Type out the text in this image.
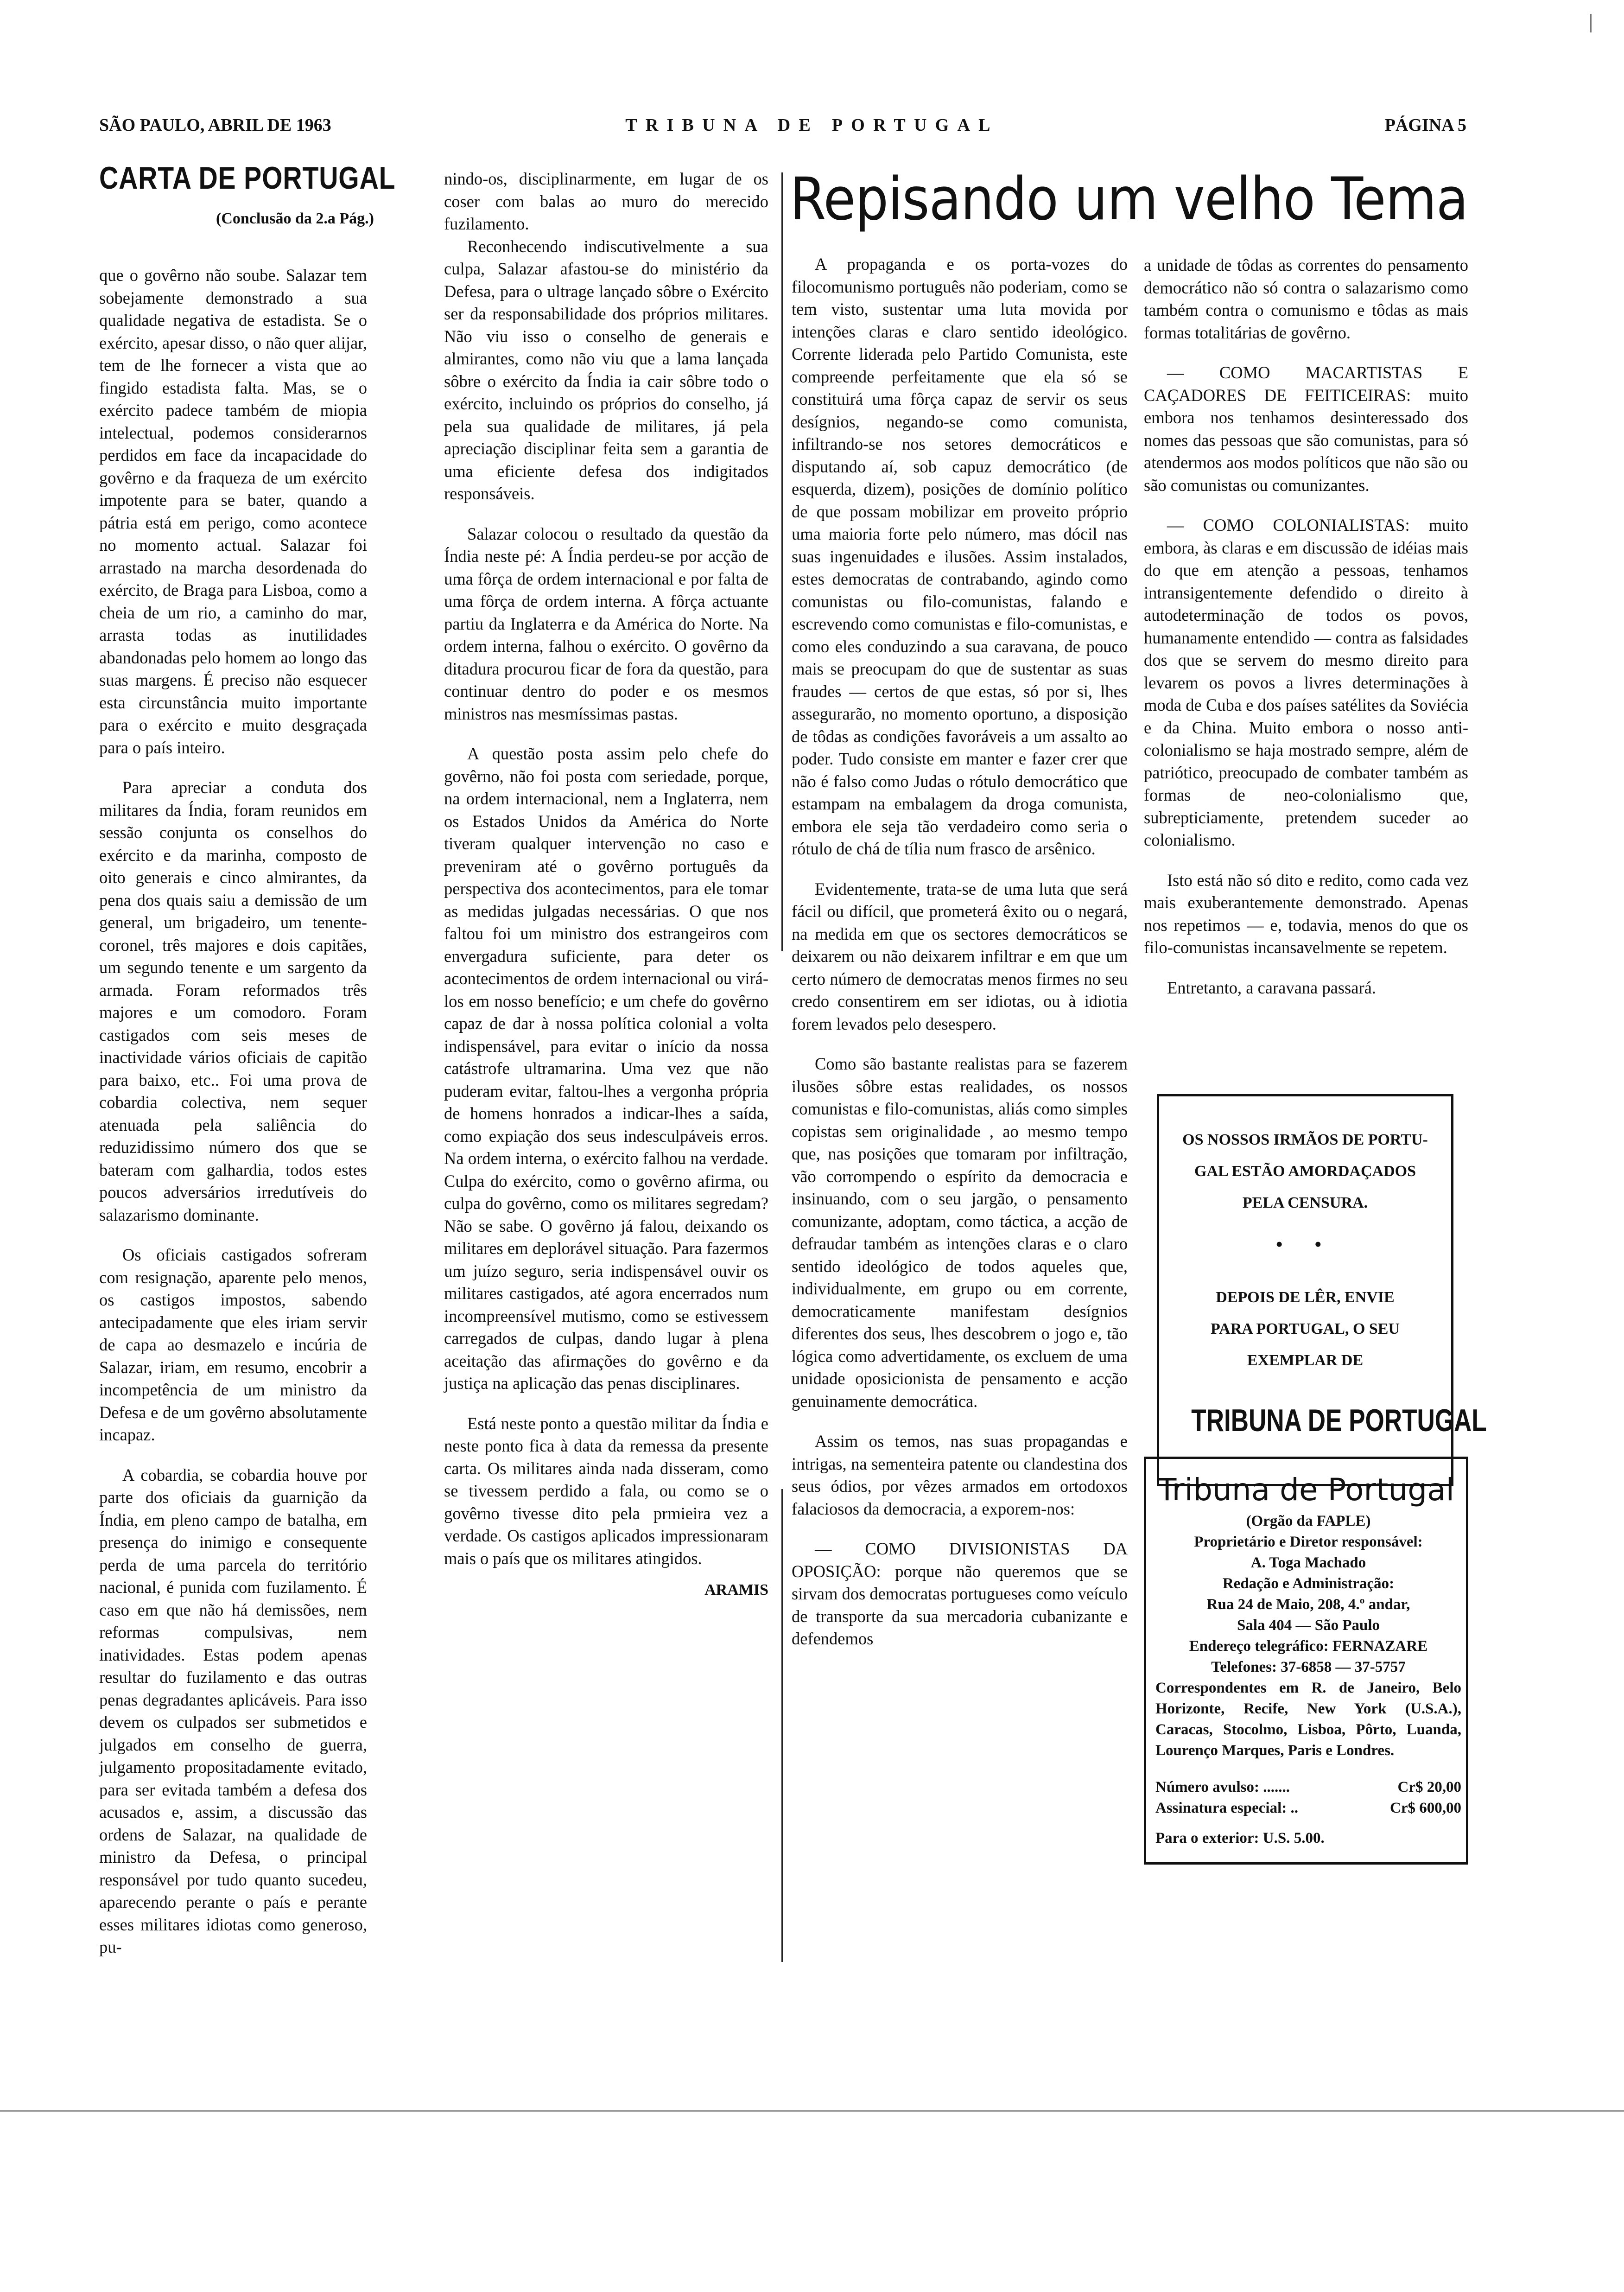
SÃO PAULO, ABRIL DE 1963	TRIBUNA DE PORTUGAL	PÁGINA 5
CARTA DE PORTUGAL
(Conclusão da 2.a Pág.)

que o govêrno não soube. Salazar tem sobejamente demonstrado a sua qualidade negativa de estadista. Se o exército, apesar disso, o não quer alijar, tem de lhe fornecer a vista que ao fingido estadista falta. Mas, se o exército padece também de miopia intelectual, podemos considerarnos perdidos em face da incapacidade do govêrno e da fraqueza de um exército impotente para se bater, quando a pátria está em perigo, como acontece no momento actual. Salazar foi arrastado na marcha desordenada do exército, de Braga para Lisboa, como a cheia de um rio, a caminho do mar, arrasta todas as inutilidades abandonadas pelo homem ao longo das suas margens. É preciso não esquecer esta circunstância muito importante para o exército e muito desgraçada para o país inteiro.

Para apreciar a conduta dos militares da Índia, foram reunidos em sessão conjunta os conselhos do exército e da marinha, composto de oito generais e cinco almirantes, da pena dos quais saiu a demissão de um general, um brigadeiro, um tenente-coronel, três majores e dois capitães, um segundo tenente e um sargento da armada. Foram reformados três majores e um comodoro. Foram castigados com seis meses de inactividade vários oficiais de capitão para baixo, etc.. Foi uma prova de cobardia colectiva, nem sequer atenuada pela saliência do reduzidissimo número dos que se bateram com galhardia, todos estes poucos adversários irredutíveis do salazarismo dominante.

Os oficiais castigados sofreram com resignação, aparente pelo menos, os castigos impostos, sabendo antecipadamente que eles iriam servir de capa ao desmazelo e incúria de Salazar, iriam, em resumo, encobrir a incompetência de um ministro da Defesa e de um govêrno absolutamente incapaz.

A cobardia, se cobardia houve por parte dos oficiais da guarnição da Índia, em pleno campo de batalha, em presença do inimigo e consequente perda de uma parcela do território nacional, é punida com fuzilamento. É caso em que não há demissões, nem reformas compulsivas, nem inatividades. Estas podem apenas resultar do fuzilamento e das outras penas degradantes aplicáveis. Para isso devem os culpados ser submetidos e julgados em conselho de guerra, julgamento propositadamente evitado, para ser evitada também a defesa dos acusados e, assim, a discussão das ordens de Salazar, na qualidade de ministro da Defesa, o principal responsável por tudo quanto sucedeu, aparecendo perante o país e perante esses militares idiotas como generoso, pu-

nindo-os, disciplinarmente, em lugar de os coser com balas ao muro do merecido fuzilamento.

Reconhecendo indiscutivelmente a sua culpa, Salazar afastou-se do ministério da Defesa, para o ultrage lançado sôbre o Exército ser da responsabilidade dos próprios militares. Não viu isso o conselho de generais e almirantes, como não viu que a lama lançada sôbre o exército da Índia ia cair sôbre todo o exército, incluindo os próprios do conselho, já pela sua qualidade de militares, já pela apreciação disciplinar feita sem a garantia de uma eficiente defesa dos indigitados responsáveis.

Salazar colocou o resultado da questão da Índia neste pé: A Índia perdeu-se por acção de uma fôrça de ordem internacional e por falta de uma fôrça de ordem interna. A fôrça actuante partiu da Inglaterra e da América do Norte. Na ordem interna, falhou o exército. O govêrno da ditadura procurou ficar de fora da questão, para continuar dentro do poder e os mesmos ministros nas mesmíssimas pastas.

A questão posta assim pelo chefe do govêrno, não foi posta com seriedade, porque, na ordem internacional, nem a Inglaterra, nem os Estados Unidos da América do Norte tiveram qualquer intervenção no caso e preveniram até o govêrno português da perspectiva dos acontecimentos, para ele tomar as medidas julgadas necessárias. O que nos faltou foi um ministro dos estrangeiros com envergadura suficiente, para deter os acontecimentos de ordem internacional ou virá-los em nosso benefício; e um chefe do govêrno capaz de dar à nossa política colonial a volta indispensável, para evitar o início da nossa catástrofe ultramarina. Uma vez que não puderam evitar, faltou-lhes a vergonha própria de homens honrados a indicar-lhes a saída, como expiação dos seus indesculpáveis erros. Na ordem interna, o exército falhou na verdade. Culpa do exército, como o govêrno afirma, ou culpa do govêrno, como os militares segredam? Não se sabe. O govêrno já falou, deixando os militares em deplorável situação. Para fazermos um juízo seguro, seria indispensável ouvir os militares castigados, até agora encerrados num incompreensível mutismo, como se estivessem carregados de culpas, dando lugar à plena aceitação das afirmações do govêrno e da justiça na aplicação das penas disciplinares.

Está neste ponto a questão militar da Índia e neste ponto fica à data da remessa da presente carta. Os militares ainda nada disseram, como se tivessem perdido a fala, ou como se o govêrno tivesse dito pela prmieira vez a verdade. Os castigos aplicados impressionaram mais o país que os militares atingidos.

ARAMIS

Repisando um velho Tema

A propaganda e os porta-vozes do filocomunismo português não poderiam, como se tem visto, sustentar uma luta movida por intenções claras e claro sentido ideológico. Corrente liderada pelo Partido Comunista, este compreende perfeitamente que ela só se constituirá uma fôrça capaz de servir os seus desígnios, negando-se como comunista, infiltrando-se nos setores democráticos e disputando aí, sob capuz democrático (de esquerda, dizem), posições de domínio político de que possam mobilizar em proveito próprio uma maioria forte pelo número, mas dócil nas suas ingenuidades e ilusões. Assim instalados, estes democratas de contrabando, agindo como comunistas ou filo-comunistas, falando e escrevendo como comunistas e filo-comunistas, e como eles conduzindo a sua caravana, de pouco mais se preocupam do que de sustentar as suas fraudes — certos de que estas, só por si, lhes assegurarão, no momento oportuno, a disposição de tôdas as condições favoráveis a um assalto ao poder. Tudo consiste em manter e fazer crer que não é falso como Judas o rótulo democrático que estampam na embalagem da droga comunista, embora ele seja tão verdadeiro como seria o rótulo de chá de tília num frasco de arsênico.

Evidentemente, trata-se de uma luta que será fácil ou difícil, que prometerá êxito ou o negará, na medida em que os sectores democráticos se deixarem ou não deixarem infiltrar e em que um certo número de democratas menos firmes no seu credo consentirem em ser idiotas, ou à idiotia forem levados pelo desespero.

Como são bastante realistas para se fazerem ilusões sôbre estas realidades, os nossos comunistas e filo-comunistas, aliás como simples copistas sem originalidade , ao mesmo tempo que, nas posições que tomaram por infiltração, vão corrompendo o espírito da democracia e insinuando, com o seu jargão, o pensamento comunizante, adoptam, como táctica, a acção de defraudar também as intenções claras e o claro sentido ideológico de todos aqueles que, individualmente, em grupo ou em corrente, democraticamente manifestam desígnios diferentes dos seus, lhes descobrem o jogo e, tão lógica como advertidamente, os excluem de uma unidade oposicionista de pensamento e acção genuinamente democrática.

Assim os temos, nas suas propagandas e intrigas, na sementeira patente ou clandestina dos seus ódios, por vêzes armados em ortodoxos falaciosos da democracia, a exporem-nos:

— COMO DIVISIONISTAS DA OPOSIÇÃO: porque não queremos que se sirvam dos democratas portugueses como veículo de transporte da sua mercadoria cubanizante e defendemos

a unidade de tôdas as correntes do pensamento democrático não só contra o salazarismo como também contra o comunismo e tôdas as mais formas totalitárias de govêrno.

— COMO MACARTISTAS E CAÇADORES DE FEITICEIRAS: muito embora nos tenhamos desinteressado dos nomes das pessoas que são comunistas, para só atendermos aos modos políticos que não são ou são comunistas ou comunizantes.

— COMO COLONIALISTAS: muito embora, às claras e em discussão de idéias mais do que em atenção a pessoas, tenhamos intransigentemente defendido o direito à autodeterminação de todos os povos, humanamente entendido — contra as falsidades dos que se servem do mesmo direito para levarem os povos a livres determinações à moda de Cuba e dos países satélites da Soviécia e da China. Muito embora o nosso anti-colonialismo se haja mostrado sempre, além de patriótico, preocupado de combater também as formas de neo-colonialismo que, subrepticiamente, pretendem suceder ao colonialismo.

Isto está não só dito e redito, como cada vez mais exuberantemente demonstrado. Apenas nos repetimos — e, todavia, menos do que os filo-comunistas incansavelmente se repetem.

Entretanto, a caravana passará.

OS NOSSOS IRMÃOS DE PORTU-
GAL ESTÃO AMORDAÇADOS
PELA CENSURA.
• •
DEPOIS DE LÊR, ENVIE
PARA PORTUGAL, O SEU
EXEMPLAR DE
TRIBUNA DE PORTUGAL
Tribuna de Portugal
(Orgão da FAPLE)
Proprietário e Diretor responsável:
A. Toga Machado
Redação e Administração:
Rua 24 de Maio, 208, 4.º andar,
Sala 404 — São Paulo
Endereço telegráfico: FERNAZARE
Telefones: 37-6858 — 37-5757
Correspondentes em R. de Janeiro, Belo Horizonte, Recife, New York (U.S.A.), Caracas, Stocolmo, Lisboa, Pôrto, Luanda, Lourenço Marques, Paris e Londres.
Número avulso: .......	Cr$ 20,00
Assinatura especial: ..	Cr$ 600,00
Para o exterior: U.S. 5.00.
